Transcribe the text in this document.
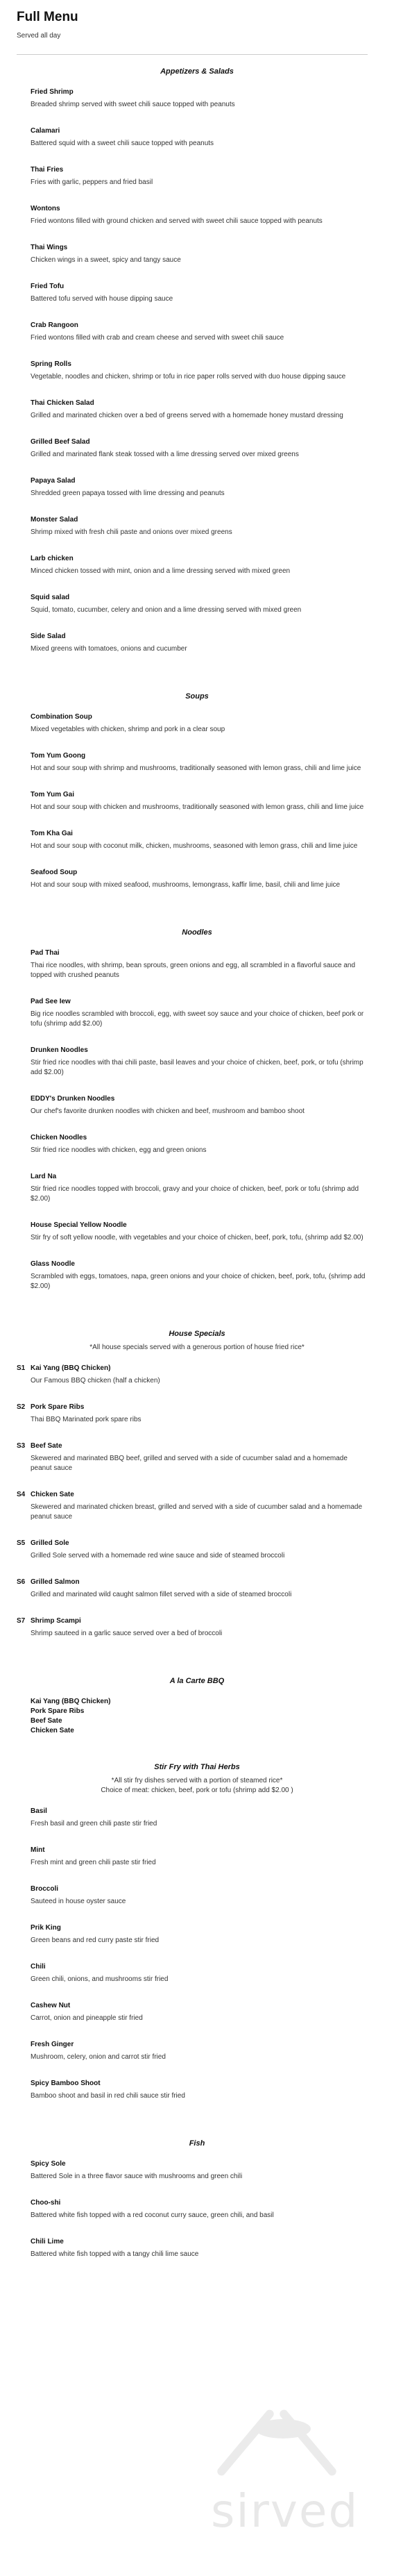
Full Menu
Served all day
Appetizers & Salads
Fried Shrimp
Breaded shrimp served with sweet chili sauce topped with peanuts
Calamari
Battered squid with a sweet chili sauce topped with peanuts
Thai Fries
Fries with garlic, peppers and fried basil
Wontons
Fried wontons filled with ground chicken and served with sweet chili sauce topped with peanuts
Thai Wings
Chicken wings in a sweet, spicy and tangy sauce
Fried Tofu
Battered tofu served with house dipping sauce
Crab Rangoon
Fried wontons filled with crab and cream cheese and served with sweet chili sauce
Spring Rolls
Vegetable, noodles and chicken, shrimp or tofu in rice paper rolls served with duo house dipping sauce
Thai Chicken Salad
Grilled and marinated chicken over a bed of greens served with a homemade honey mustard dressing
Grilled Beef Salad
Grilled and marinated flank steak tossed with a lime dressing served over mixed greens
Papaya Salad
Shredded green papaya tossed with lime dressing and peanuts
Monster Salad
Shrimp mixed with fresh chili paste and onions over mixed greens
Larb chicken
Minced chicken tossed with mint, onion and a lime dressing served with mixed green
Squid salad
Squid, tomato, cucumber, celery and onion and a lime dressing served with mixed green
Side Salad
Mixed greens with tomatoes, onions and cucumber
Soups
Combination Soup
Mixed vegetables with chicken, shrimp and pork in a clear soup
Tom Yum Goong
Hot and sour soup with shrimp and mushrooms, traditionally seasoned with lemon grass, chili and lime juice
Tom Yum Gai
Hot and sour soup with chicken and mushrooms, traditionally seasoned with lemon grass, chili and lime juice
Tom Kha Gai
Hot and sour soup with coconut milk, chicken, mushrooms, seasoned with lemon grass, chili and lime juice
Seafood Soup
Hot and sour soup with mixed seafood, mushrooms, lemongrass, kaffir lime, basil, chili and lime juice
Noodles
Pad Thai
Thai rice noodles, with shrimp, bean sprouts, green onions and egg, all scrambled in a flavorful sauce and topped with crushed peanuts
Pad See Iew
Big rice noodles scrambled with broccoli, egg, with sweet soy sauce and your choice of chicken, beef pork or tofu (shrimp add $2.00)
Drunken Noodles
Stir fried rice noodles with thai chili paste, basil leaves and your choice of chicken, beef, pork, or tofu (shrimp add $2.00)
EDDY's Drunken Noodles
Our chef's favorite drunken noodles with chicken and beef, mushroom and bamboo shoot
Chicken Noodles
Stir fried rice noodles with chicken, egg and green onions
Lard Na
Stir fried rice noodles topped with broccoli, gravy and your choice of chicken, beef, pork or tofu (shrimp add $2.00)
House Special Yellow Noodle
Stir fry of soft yellow noodle, with vegetables and your choice of chicken, beef, pork, tofu, (shrimp add $2.00)
Glass Noodle
Scrambled with eggs, tomatoes, napa, green onions and your choice of chicken, beef, pork, tofu, (shrimp add $2.00)
House Specials
*All house specials served with a generous portion of house fried rice*
S1 Kai Yang (BBQ Chicken)
Our Famous BBQ chicken (half a chicken)
S2 Pork Spare Ribs
Thai BBQ Marinated pork spare ribs
S3 Beef Sate
Skewered and marinated BBQ beef, grilled and served with a side of cucumber salad and a homemade peanut sauce
S4 Chicken Sate
Skewered and marinated chicken breast, grilled and served with a side of cucumber salad and a homemade peanut sauce
S5 Grilled Sole
Grilled Sole served with a homemade red wine sauce and side of steamed broccoli
S6 Grilled Salmon
Grilled and marinated wild caught salmon fillet served with a side of steamed broccoli
S7 Shrimp Scampi
Shrimp sauteed in a garlic sauce served over a bed of broccoli
A la Carte BBQ
Kai Yang (BBQ Chicken)
Pork Spare Ribs
Beef Sate
Chicken Sate
Stir Fry with Thai Herbs
*All stir fry dishes served with a portion of steamed rice*
Choice of meat: chicken, beef, pork or tofu (shrimp add $2.00 )
Basil
Fresh basil and green chili paste stir fried
Mint
Fresh mint and green chili paste stir fried
Broccoli
Sauteed in house oyster sauce
Prik King
Green beans and red curry paste stir fried
Chili
Green chili, onions, and mushrooms stir fried
Cashew Nut
Carrot, onion and pineapple stir fried
Fresh Ginger
Mushroom, celery, onion and carrot stir fried
Spicy Bamboo Shoot
Bamboo shoot and basil in red chili sauce stir fried
Fish
Spicy Sole
Battered Sole in a three flavor sauce with mushrooms and green chili
Choo-shi
Battered white fish topped with a red coconut curry sauce, green chili, and basil
Chili Lime
Battered white fish topped with a tangy chili lime sauce
sirved
